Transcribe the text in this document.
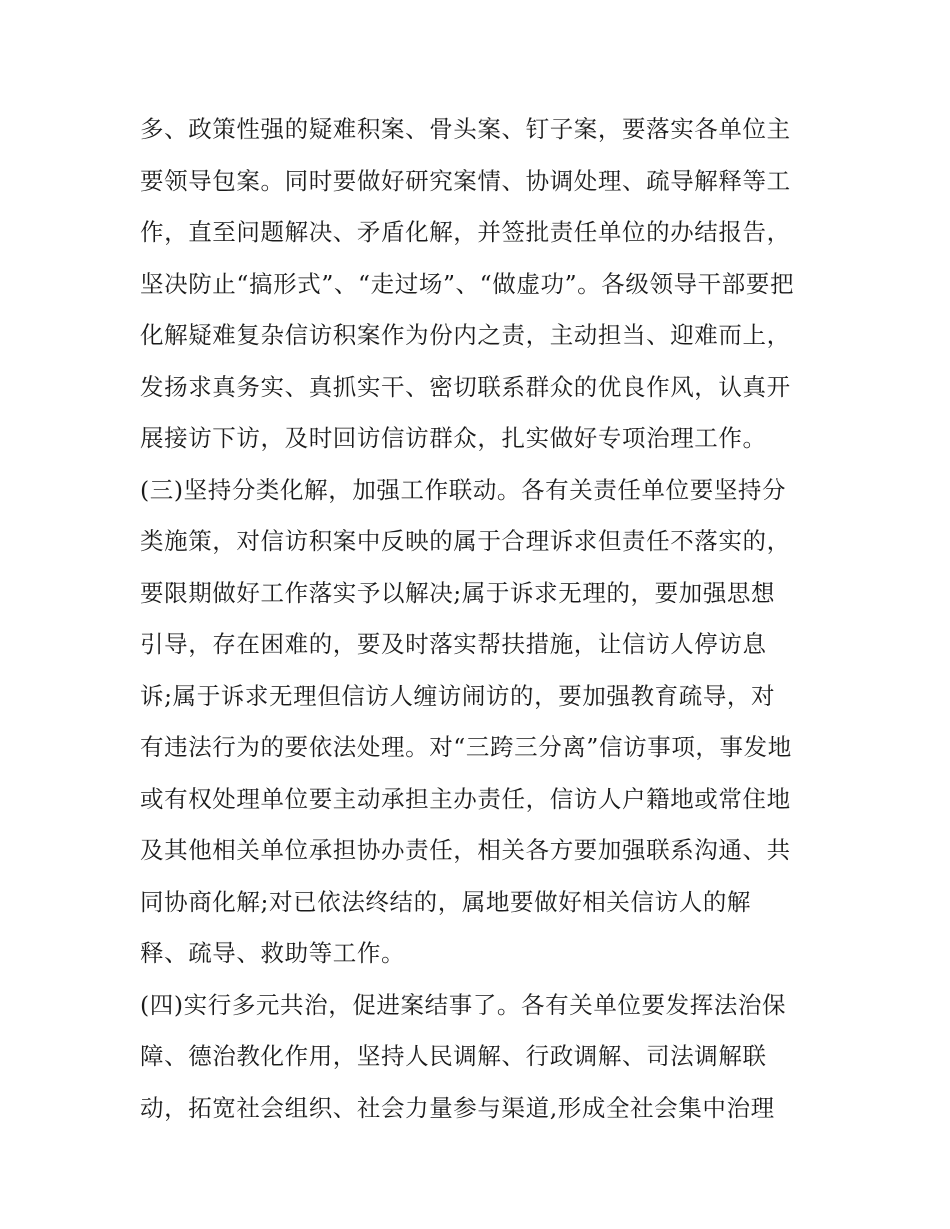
多、政策性强的疑难积案、骨头案、钉子案，要落实各单位主
要领导包案。同时要做好研究案情、协调处理、疏导解释等工
作，直至问题解决、矛盾化解，并签批责任单位的办结报告，
坚决防止“搞形式”、“走过场”、“做虚功”。各级领导干部要把
化解疑难复杂信访积案作为份内之责，主动担当、迎难而上，
发扬求真务实、真抓实干、密切联系群众的优良作风，认真开
展接访下访，及时回访信访群众，扎实做好专项治理工作。
(三)坚持分类化解，加强工作联动。各有关责任单位要坚持分
类施策，对信访积案中反映的属于合理诉求但责任不落实的，
要限期做好工作落实予以解决;属于诉求无理的，要加强思想
引导，存在困难的，要及时落实帮扶措施，让信访人停访息
诉;属于诉求无理但信访人缠访闹访的，要加强教育疏导，对
有违法行为的要依法处理。对“三跨三分离”信访事项，事发地
或有权处理单位要主动承担主办责任，信访人户籍地或常住地
及其他相关单位承担协办责任，相关各方要加强联系沟通、共
同协商化解;对已依法终结的，属地要做好相关信访人的解
释、疏导、救助等工作。
(四)实行多元共治，促进案结事了。各有关单位要发挥法治保
障、德治教化作用，坚持人民调解、行政调解、司法调解联
动，拓宽社会组织、社会力量参与渠道,形成全社会集中治理
